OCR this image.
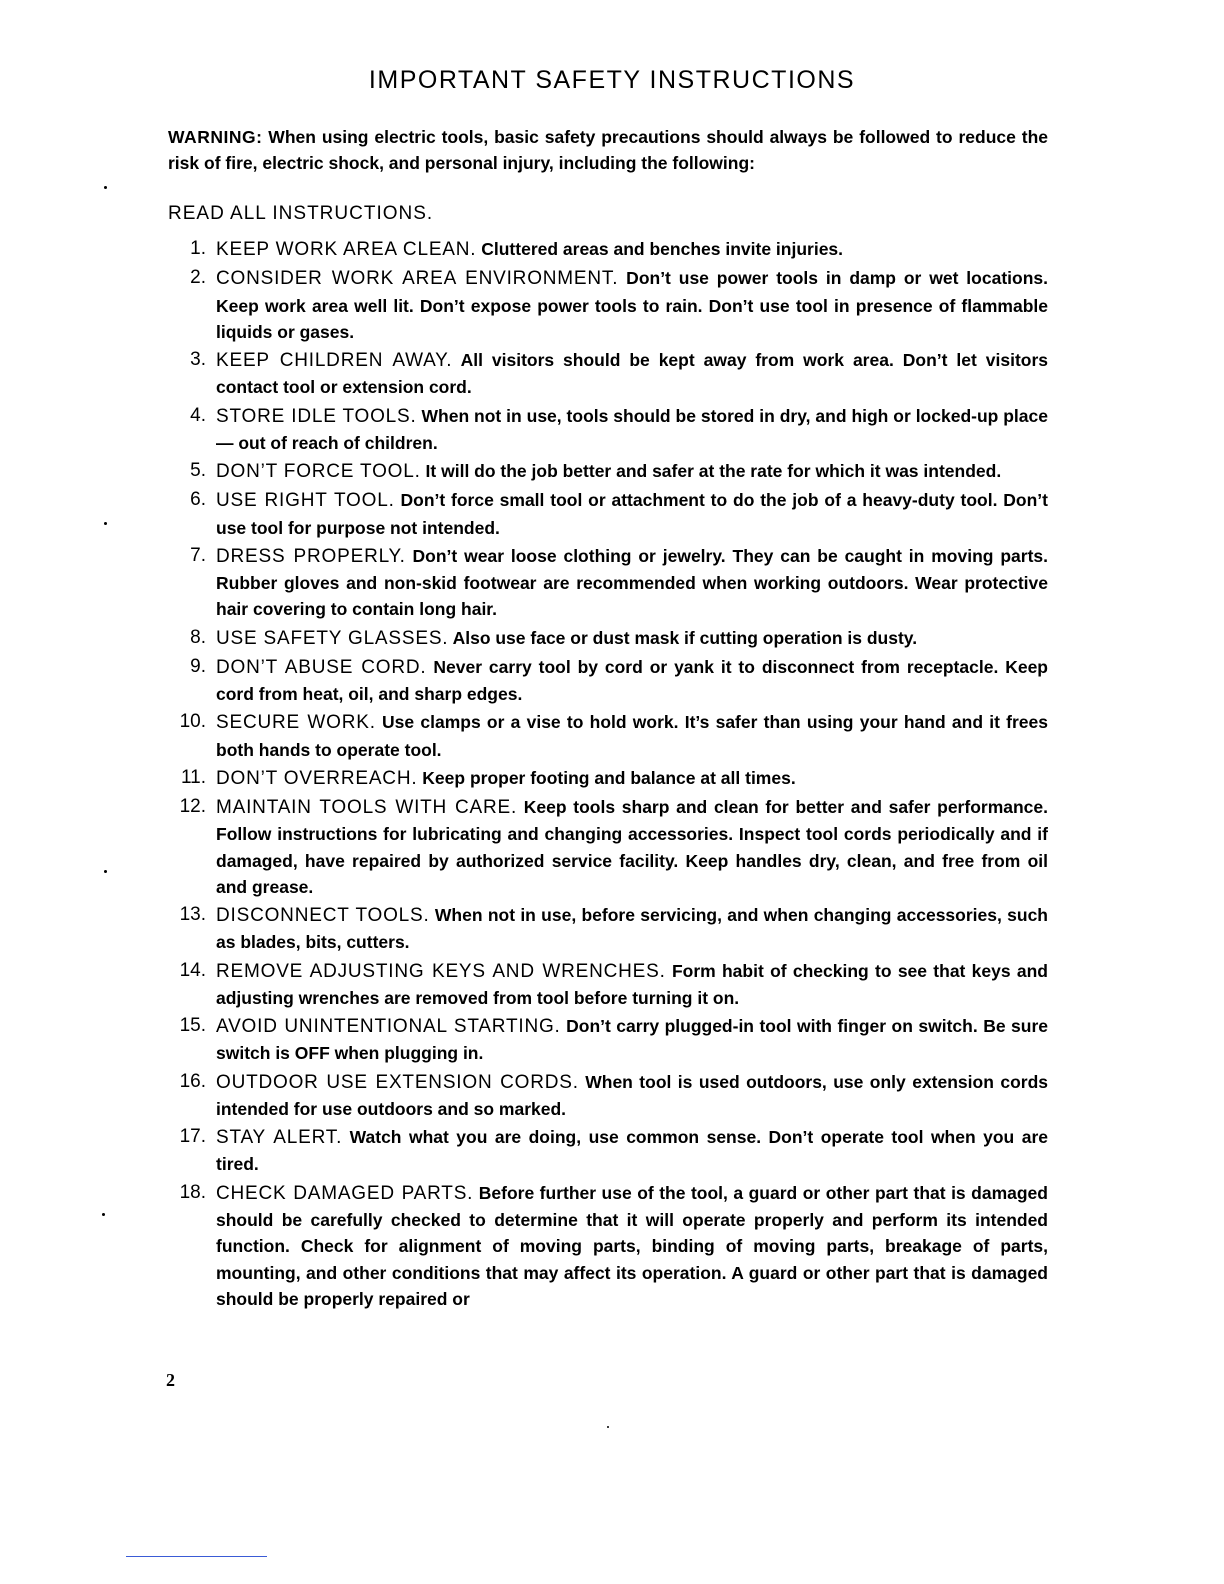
IMPORTANT SAFETY INSTRUCTIONS
WARNING: When using electric tools, basic safety precautions should always be followed to reduce the risk of fire, electric shock, and personal injury, including the following:
READ ALL INSTRUCTIONS.
1. KEEP WORK AREA CLEAN. Cluttered areas and benches invite injuries.
2. CONSIDER WORK AREA ENVIRONMENT. Don’t use power tools in damp or wet locations. Keep work area well lit. Don’t expose power tools to rain. Don’t use tool in presence of flammable liquids or gases.
3. KEEP CHILDREN AWAY. All visitors should be kept away from work area. Don’t let visitors contact tool or extension cord.
4. STORE IDLE TOOLS. When not in use, tools should be stored in dry, and high or locked-up place — out of reach of children.
5. DON’T FORCE TOOL. It will do the job better and safer at the rate for which it was intended.
6. USE RIGHT TOOL. Don’t force small tool or attachment to do the job of a heavy-duty tool. Don’t use tool for purpose not intended.
7. DRESS PROPERLY. Don’t wear loose clothing or jewelry. They can be caught in moving parts. Rubber gloves and non-skid footwear are recommended when working outdoors. Wear protective hair covering to contain long hair.
8. USE SAFETY GLASSES. Also use face or dust mask if cutting operation is dusty.
9. DON’T ABUSE CORD. Never carry tool by cord or yank it to disconnect from receptacle. Keep cord from heat, oil, and sharp edges.
10. SECURE WORK. Use clamps or a vise to hold work. It’s safer than using your hand and it frees both hands to operate tool.
11. DON’T OVERREACH. Keep proper footing and balance at all times.
12. MAINTAIN TOOLS WITH CARE. Keep tools sharp and clean for better and safer performance. Follow instructions for lubricating and changing accessories. Inspect tool cords periodically and if damaged, have repaired by authorized service facility. Keep handles dry, clean, and free from oil and grease.
13. DISCONNECT TOOLS. When not in use, before servicing, and when changing accessories, such as blades, bits, cutters.
14. REMOVE ADJUSTING KEYS AND WRENCHES. Form habit of checking to see that keys and adjusting wrenches are removed from tool before turning it on.
15. AVOID UNINTENTIONAL STARTING. Don’t carry plugged-in tool with finger on switch. Be sure switch is OFF when plugging in.
16. OUTDOOR USE EXTENSION CORDS. When tool is used outdoors, use only extension cords intended for use outdoors and so marked.
17. STAY ALERT. Watch what you are doing, use common sense. Don’t operate tool when you are tired.
18. CHECK DAMAGED PARTS. Before further use of the tool, a guard or other part that is damaged should be carefully checked to determine that it will operate properly and perform its intended function. Check for alignment of moving parts, binding of moving parts, breakage of parts, mounting, and other conditions that may affect its operation. A guard or other part that is damaged should be properly repaired or
2
